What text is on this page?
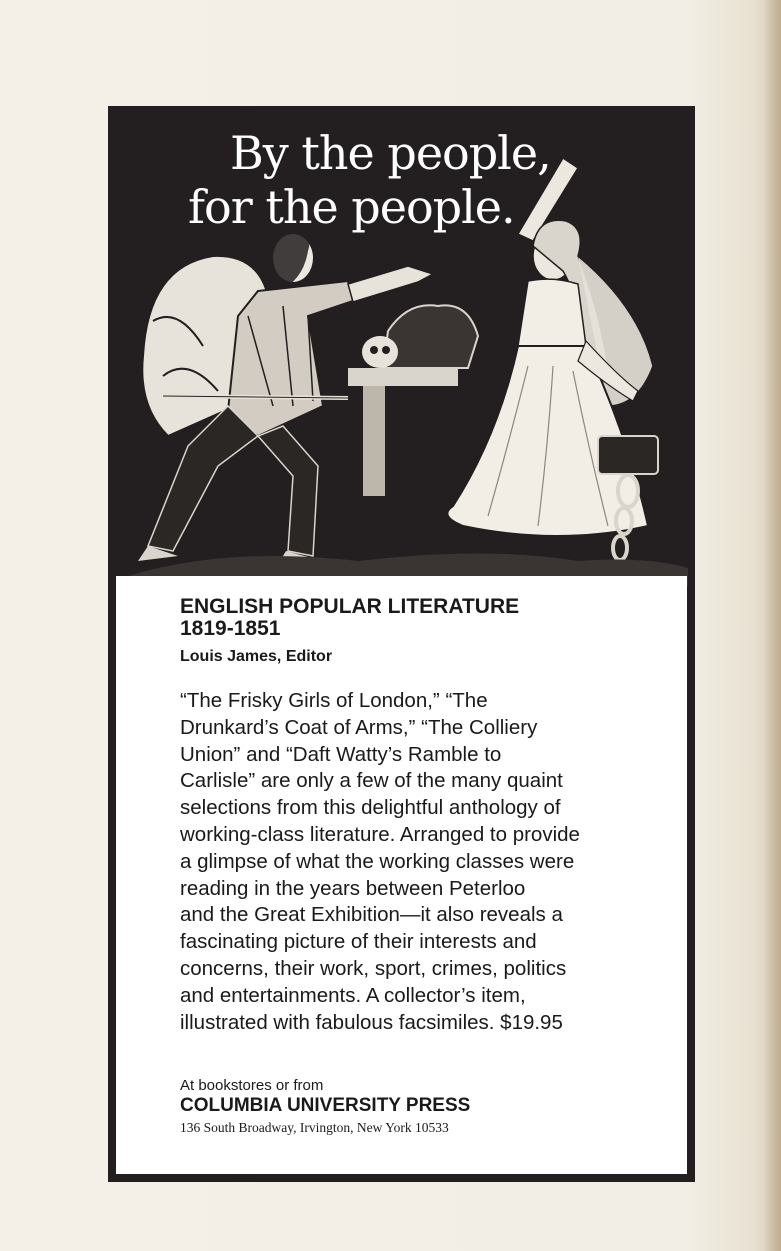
By the people,
for the people.
ENGLISH POPULAR LITERATURE
1819-1851
Louis James, Editor
“The Frisky Girls of London,” “The
Drunkard’s Coat of Arms,” “The Colliery
Union” and “Daft Watty’s Ramble to
Carlisle” are only a few of the many quaint
selections from this delightful anthology of
working-class literature. Arranged to provide
a glimpse of what the working classes were
reading in the years between Peterloo
and the Great Exhibition—it also reveals a
fascinating picture of their interests and
concerns, their work, sport, crimes, politics
and entertainments. A collector’s item,
illustrated with fabulous facsimiles. $19.95
At bookstores or from
COLUMBIA UNIVERSITY PRESS
136 South Broadway, Irvington, New York 10533
